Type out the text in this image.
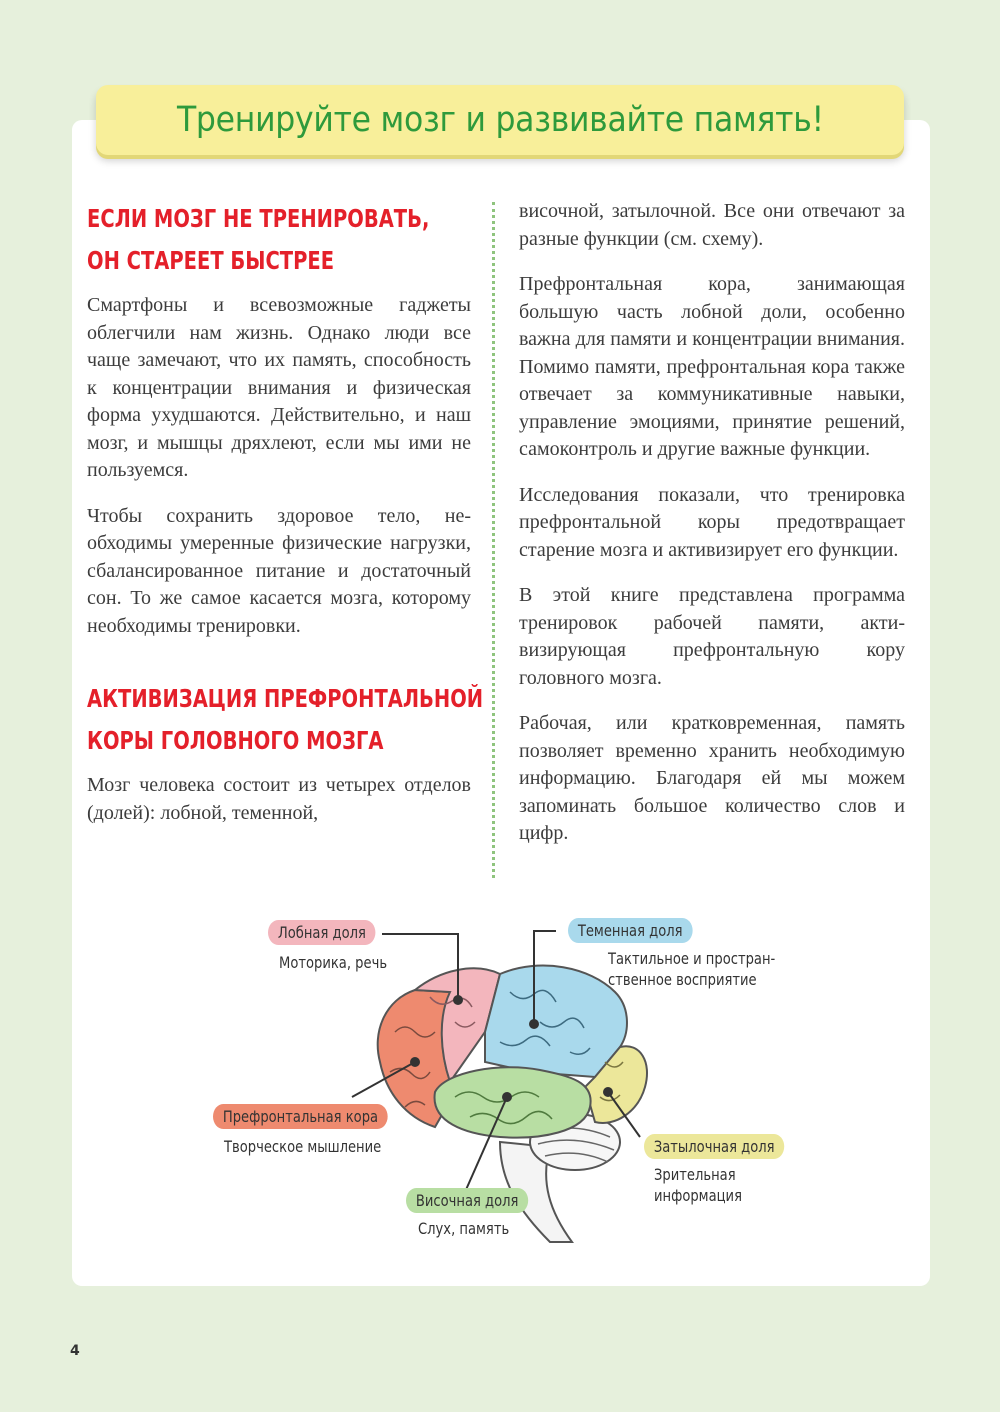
Тренируйте мозг и развивайте память!
ЕСЛИ МОЗГ НЕ ТРЕНИРОВАТЬ,
ОН СТАРЕЕТ БЫСТРЕЕ

Смартфоны и всевозможные гаджеты облегчили нам жизнь. Однако люди все чаще замечают, что их память, способность к концентрации внимания и физическая форма ухудшаются. Действительно, и наш мозг, и мышцы дряхлеют, если мы ими не пользуемся.

Чтобы сохранить здоровое тело, необходимы умеренные физические нагрузки, сбалансированное питание и достаточный сон. То же самое касается мозга, которому необходимы тренировки.

АКТИВИЗАЦИЯ ПРЕФРОНТАЛЬНОЙ
КОРЫ ГОЛОВНОГО МОЗГА

Мозг человека состоит из четырех отделов (долей): лобной, теменной,

височной, затылочной. Все они отвечают за разные функции (см. схему).

Префронтальная кора, занимающая большую часть лобной доли, особенно важна для памяти и концентрации внимания. Помимо памяти, префронтальная кора также отвечает за коммуникативные навыки, управление эмоциями, принятие решений, самоконтроль и другие важные функции.

Исследования показали, что тренировка префронтальной коры предотвращает старение мозга и активизирует его функции.

В этой книге представлена программа тренировок рабочей памяти, активизирующая префронтальную кору головного мозга.

Рабочая, или кратковременная, память позволяет временно хранить необходимую информацию. Благодаря ей мы можем запоминать большое количество слов и цифр.

Лобная доля
Моторика, речь
Теменная доля
Тактильное и простран-
ственное восприятие
Префронтальная кора
Творческое мышление	Затылочная доля
Зрительная
информация
Височная доля
Слух, память
4
